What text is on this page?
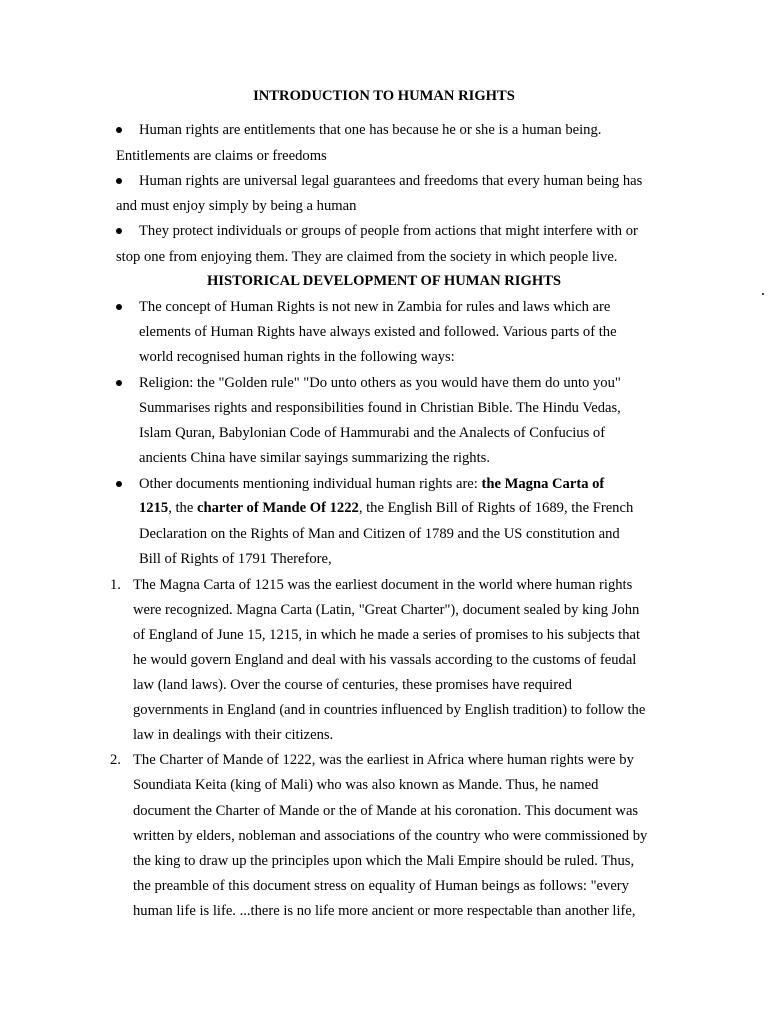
INTRODUCTION TO HUMAN RIGHTS
Human rights are entitlements that one has because he or she is a human being.
Entitlements are claims or freedoms
Human rights are universal legal guarantees and freedoms that every human being has
and must enjoy simply by being a human
They protect individuals or groups of people from actions that might interfere with or
stop one from enjoying them. They are claimed from the society in which people live.
HISTORICAL DEVELOPMENT OF HUMAN RIGHTS
The concept of Human Rights is not new in Zambia for rules and laws which are
elements of Human Rights have always existed and followed. Various parts of the
world recognised human rights in the following ways:
Religion: the "Golden rule" "Do unto others as you would have them do unto you"
Summarises rights and responsibilities found in Christian Bible. The Hindu Vedas,
Islam Quran, Babylonian Code of Hammurabi and the Analects of Confucius of
ancients China have similar sayings summarizing the rights.
Other documents mentioning individual human rights are: the Magna Carta of
1215, the charter of Mande Of 1222, the English Bill of Rights of 1689, the French
Declaration on the Rights of Man and Citizen of 1789 and the US constitution and
Bill of Rights of 1791 Therefore,
1. The Magna Carta of 1215 was the earliest document in the world where human rights
were recognized. Magna Carta (Latin, "Great Charter"), document sealed by king John
of England of June 15, 1215, in which he made a series of promises to his subjects that
he would govern England and deal with his vassals according to the customs of feudal
law (land laws). Over the course of centuries, these promises have required
governments in England (and in countries influenced by English tradition) to follow the
law in dealings with their citizens.
2. The Charter of Mande of 1222, was the earliest in Africa where human rights were by
Soundiata Keita (king of Mali) who was also known as Mande. Thus, he named
document the Charter of Mande or the of Mande at his coronation. This document was
written by elders, nobleman and associations of the country who were commissioned by
the king to draw up the principles upon which the Mali Empire should be ruled. Thus,
the preamble of this document stress on equality of Human beings as follows: "every
human life is life. ...there is no life more ancient or more respectable than another life,
